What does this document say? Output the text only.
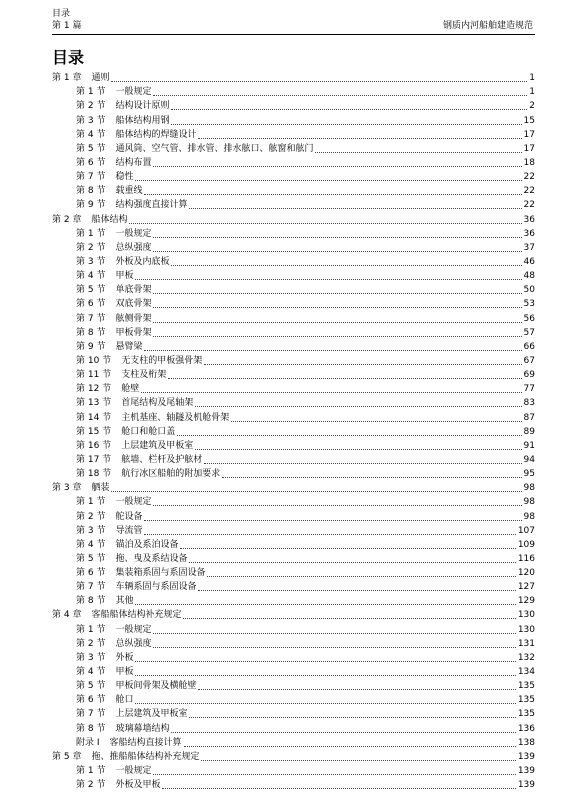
目录
第 1 篇	钢质内河船舶建造规范
目录
第 1 章 通则	1
第 1 节 一般规定	1
第 2 节 结构设计原则	2
第 3 节 船体结构用钢	15
第 4 节 船体结构的焊缝设计	17
第 5 节 通风筒、空气管、排水管、排水舷口、舷窗和舷门	17
第 6 节 结构布置	18
第 7 节 稳性	22
第 8 节 载重线	22
第 9 节 结构强度直接计算	22
第 2 章 船体结构	36
第 1 节 一般规定	36
第 2 节 总纵强度	37
第 3 节 外板及内底板	46
第 4 节 甲板	48
第 5 节 单底骨架	50
第 6 节 双底骨架	53
第 7 节 舷侧骨架	56
第 8 节 甲板骨架	57
第 9 节 悬臂梁	66
第 10 节 无支柱的甲板强骨架	67
第 11 节 支柱及桁架	69
第 12 节 舱壁	77
第 13 节 首尾结构及尾轴架	83
第 14 节 主机基座、轴隧及机舱骨架	87
第 15 节 舱口和舱口盖	89
第 16 节 上层建筑及甲板室	91
第 17 节 舷墙、栏杆及护舷材	94
第 18 节 航行冰区船舶的附加要求	95
第 3 章 舾装	98
第 1 节 一般规定	98
第 2 节 舵设备	98
第 3 节 导流管	107
第 4 节 锚泊及系泊设备	109
第 5 节 拖、曳及系结设备	116
第 6 节 集装箱系固与系固设备	120
第 7 节 车辆系固与系固设备	127
第 8 节 其他	129
第 4 章 客船船体结构补充规定	130
第 1 节 一般规定	130
第 2 节 总纵强度	131
第 3 节 外板	132
第 4 节 甲板	134
第 5 节 甲板间骨架及横舱壁	135
第 6 节 舱口	135
第 7 节 上层建筑及甲板室	135
第 8 节 玻璃幕墙结构	136
附录 I 客船结构直接计算	138
第 5 章 拖、推船船体结构补充规定	139
第 1 节 一般规定	139
第 2 节 外板及甲板	139
